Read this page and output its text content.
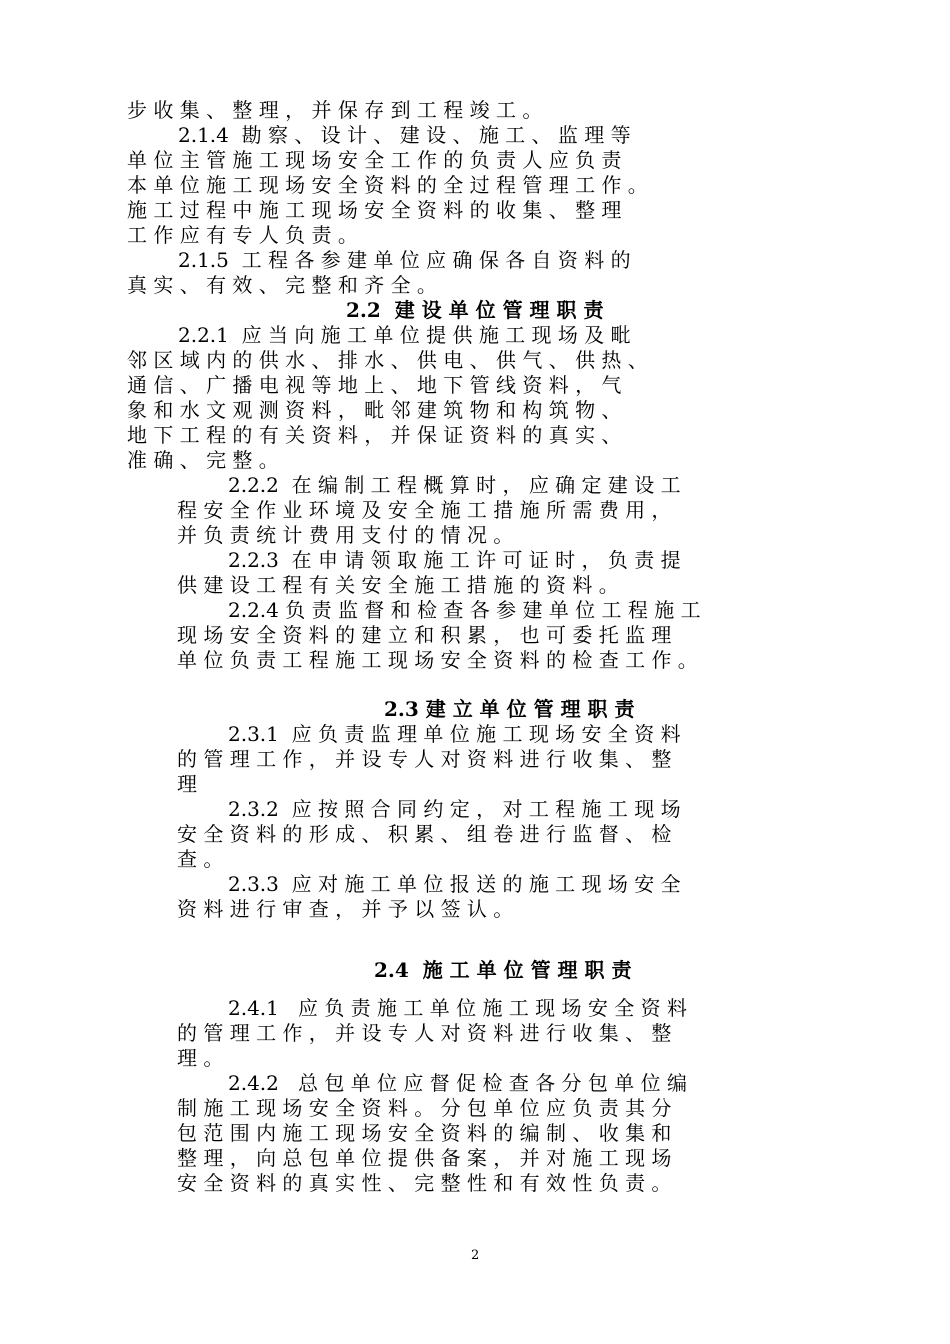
步 收 集 、 整 理 ， 并 保 存 到 工 程 竣 工 。
2.1.4  勘 察 、 设 计 、 建 设 、 施 工 、 监 理 等
单 位 主 管 施 工 现 场 安 全 工 作 的 负 责 人 应 负 责
本 单 位 施 工 现 场 安 全 资 料 的 全 过 程 管 理 工 作 。
施 工 过 程 中 施 工 现 场 安 全 资 料 的 收 集 、 整 理
工 作 应 有 专 人 负 责 。
2.1.5  工 程 各 参 建 单 位 应 确 保 各 自 资 料 的
真 实 、 有 效 、 完 整 和 齐 全 。
2.2  建 设 单 位 管 理 职 责
2.2.1  应 当 向 施 工 单 位 提 供 施 工 现 场 及 毗
邻 区 域 内 的 供 水 、 排 水 、 供 电 、 供 气 、 供 热 、
通 信 、 广 播 电 视 等 地 上 、 地 下 管 线 资 料 ， 气
象 和 水 文 观 测 资 料 ， 毗 邻 建 筑 物 和 构 筑 物 、
地 下 工 程 的 有 关 资 料 ， 并 保 证 资 料 的 真 实 、
准 确 、 完 整 。
2.2.2  在 编 制 工 程 概 算 时 ， 应 确 定 建 设 工
程 安 全 作 业 环 境 及 安 全 施 工 措 施 所 需 费 用 ，
并 负 责 统 计 费 用 支 付 的 情 况 。
2.2.3  在 申 请 领 取 施 工 许 可 证 时 ， 负 责 提
供 建 设 工 程 有 关 安 全 施 工 措 施 的 资 料 。
2.2.4 负 责 监 督 和 检 查 各 参 建 单 位 工 程 施 工
现 场 安 全 资 料 的 建 立 和 积 累 ， 也 可 委 托 监 理
单 位 负 责 工 程 施 工 现 场 安 全 资 料 的 检 查 工 作 。
2.3 建 立 单 位 管 理 职 责
2.3.1  应 负 责 监 理 单 位 施 工 现 场 安 全 资 料
的 管 理 工 作 ， 并 设 专 人 对 资 料 进 行 收 集 、 整
理
2.3.2  应 按 照 合 同 约 定 ， 对 工 程 施 工 现 场
安 全 资 料 的 形 成 、 积 累 、 组 卷 进 行 监 督 、 检
查 。
2.3.3  应 对 施 工 单 位 报 送 的 施 工 现 场 安 全
资 料 进 行 审 查 ， 并 予 以 签 认 。
2.4  施 工 单 位 管 理 职 责
2.4.1   应 负 责 施 工 单 位 施 工 现 场 安 全 资 料
的 管 理 工 作 ， 并 设 专 人 对 资 料 进 行 收 集 、 整
理 。
2.4.2   总 包 单 位 应 督 促 检 查 各 分 包 单 位 编
制 施 工 现 场 安 全 资 料 。 分 包 单 位 应 负 责 其 分
包 范 围 内 施 工 现 场 安 全 资 料 的 编 制 、 收 集 和
整 理 ， 向 总 包 单 位 提 供 备 案 ， 并 对 施 工 现 场
安 全 资 料 的 真 实 性 、 完 整 性 和 有 效 性 负 责 。
2
